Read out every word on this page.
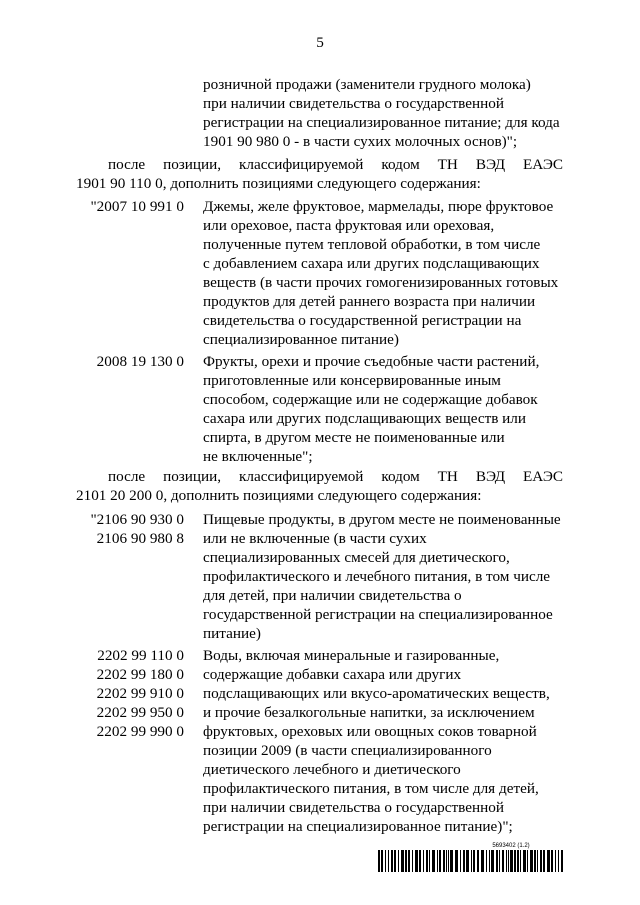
5
розничной продажи (заменители грудного молока)
при наличии свидетельства о государственной
регистрации на специализированное питание; для кода
1901 90 980 0 - в части сухих молочных основ)";
после позиции, классифицируемой кодом ТН ВЭД ЕАЭС
1901 90 110 0, дополнить позициями следующего содержания:
"2007 10 991 0 Джемы, желе фруктовое, мармелады, пюре фруктовое
или ореховое, паста фруктовая или ореховая,
полученные путем тепловой обработки, в том числе
с добавлением сахара или других подслащивающих
веществ (в части прочих гомогенизированных готовых
продуктов для детей раннего возраста при наличии
свидетельства о государственной регистрации на
специализированное питание)
2008 19 130 0 Фрукты, орехи и прочие съедобные части растений,
приготовленные или консервированные иным
способом, содержащие или не содержащие добавок
сахара или других подслащивающих веществ или
спирта, в другом месте не поименованные или
не включенные";
после позиции, классифицируемой кодом ТН ВЭД ЕАЭС
2101 20 200 0, дополнить позициями следующего содержания:
"2106 90 930 0
2106 90 980 8
Пищевые продукты, в другом месте не поименованные
или не включенные (в части сухих
специализированных смесей для диетического,
профилактического и лечебного питания, в том числе
для детей, при наличии свидетельства о
государственной регистрации на специализированное
питание)
2202 99 110 0
2202 99 180 0
2202 99 910 0
2202 99 950 0
2202 99 990 0
Воды, включая минеральные и газированные,
содержащие добавки сахара или других
подслащивающих или вкусо-ароматических веществ,
и прочие безалкогольные напитки, за исключением
фруктовых, ореховых или овощных соков товарной
позиции 2009 (в части специализированного
диетического лечебного и диетического
профилактического питания, в том числе для детей,
при наличии свидетельства о государственной
регистрации на специализированное питание)";
5693402 (1.2)
